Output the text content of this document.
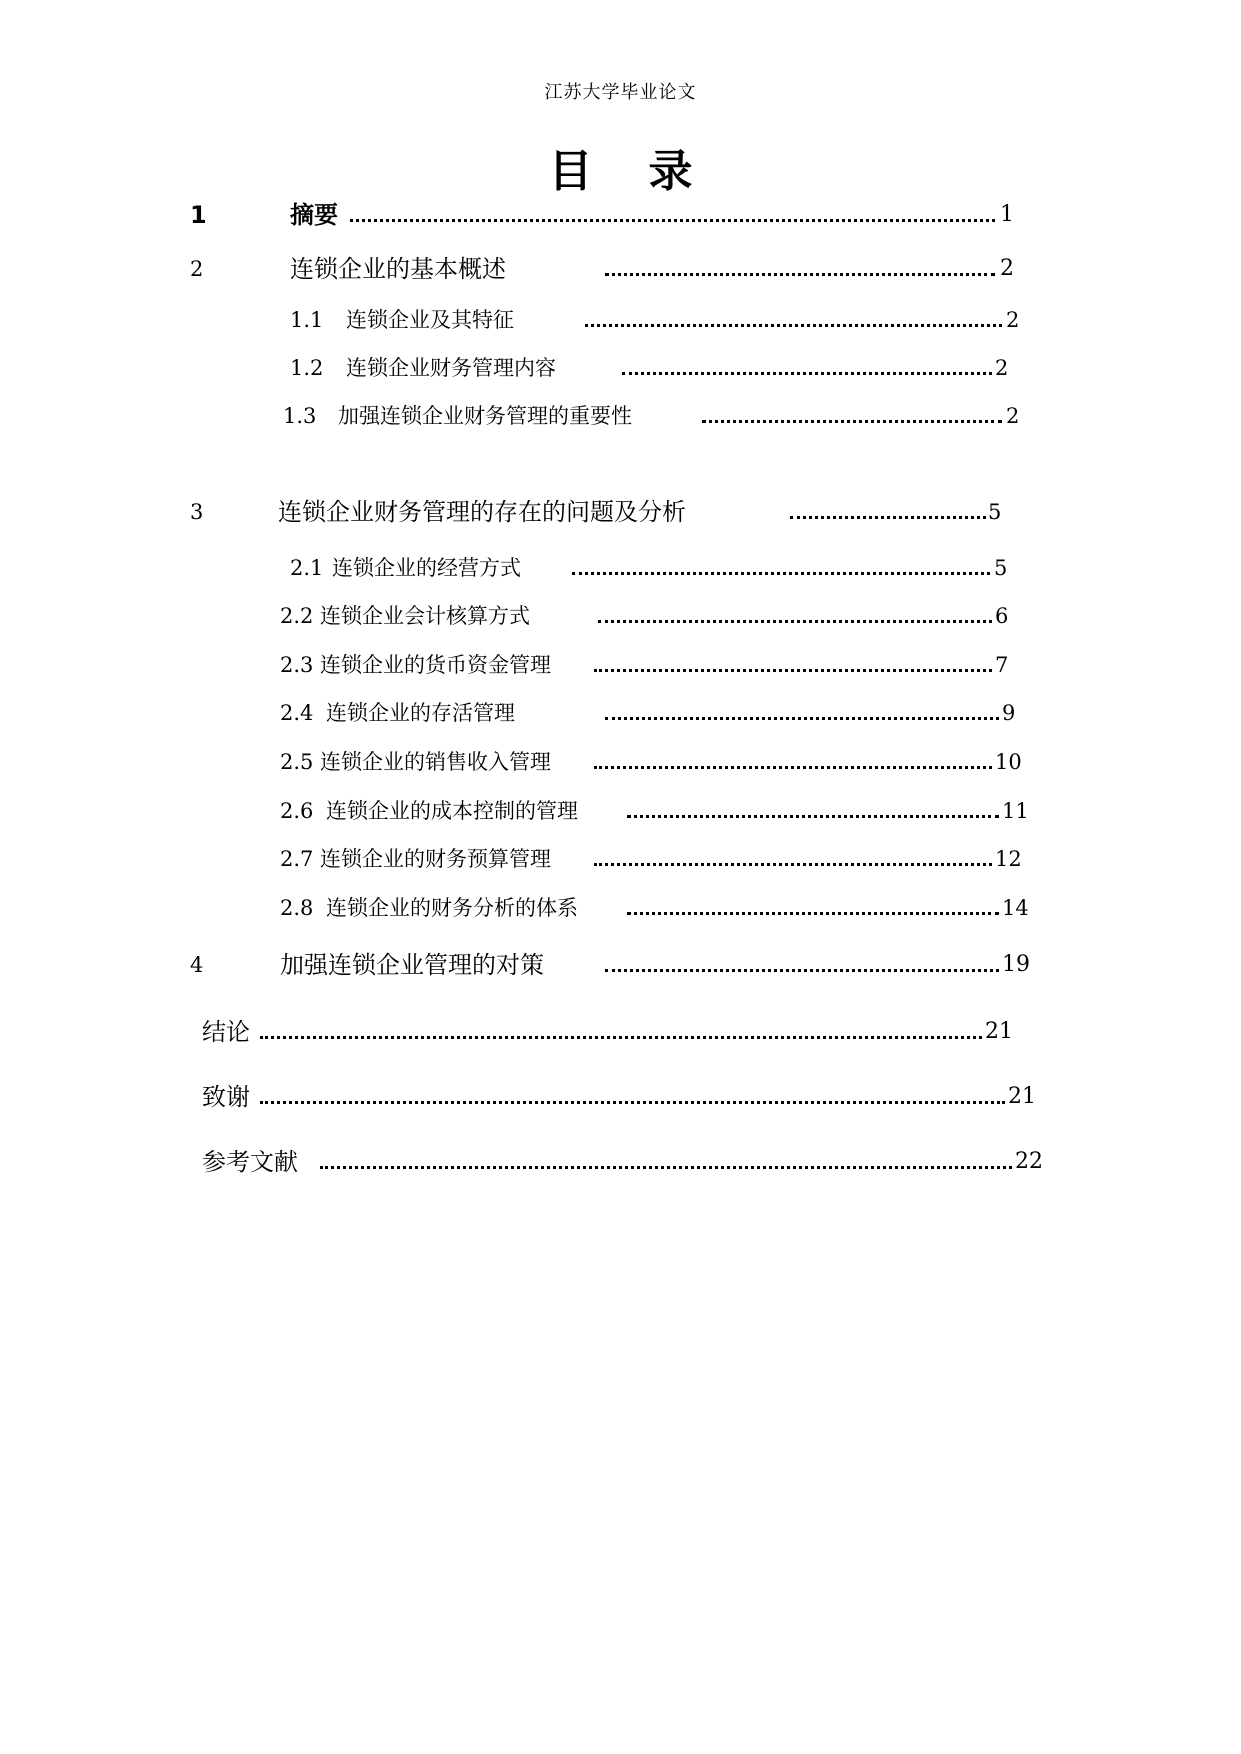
江苏大学毕业论文
目录
1	摘要	1
2	连锁企业的基本概述	2
1.1 连锁企业及其特征	2
1.2 连锁企业财务管理内容	2
1.3 加强连锁企业财务管理的重要性	2
3	连锁企业财务管理的存在的问题及分析	5
2.1 连锁企业的经营方式	5
2.2 连锁企业会计核算方式	6
2.3 连锁企业的货币资金管理	7
2.4 连锁企业的存活管理	9
2.5 连锁企业的销售收入管理	10
2.6 连锁企业的成本控制的管理	11
2.7 连锁企业的财务预算管理	12
2.8 连锁企业的财务分析的体系	14
4	加强连锁企业管理的对策	19
结论	21
致谢	21
参考文献	22
